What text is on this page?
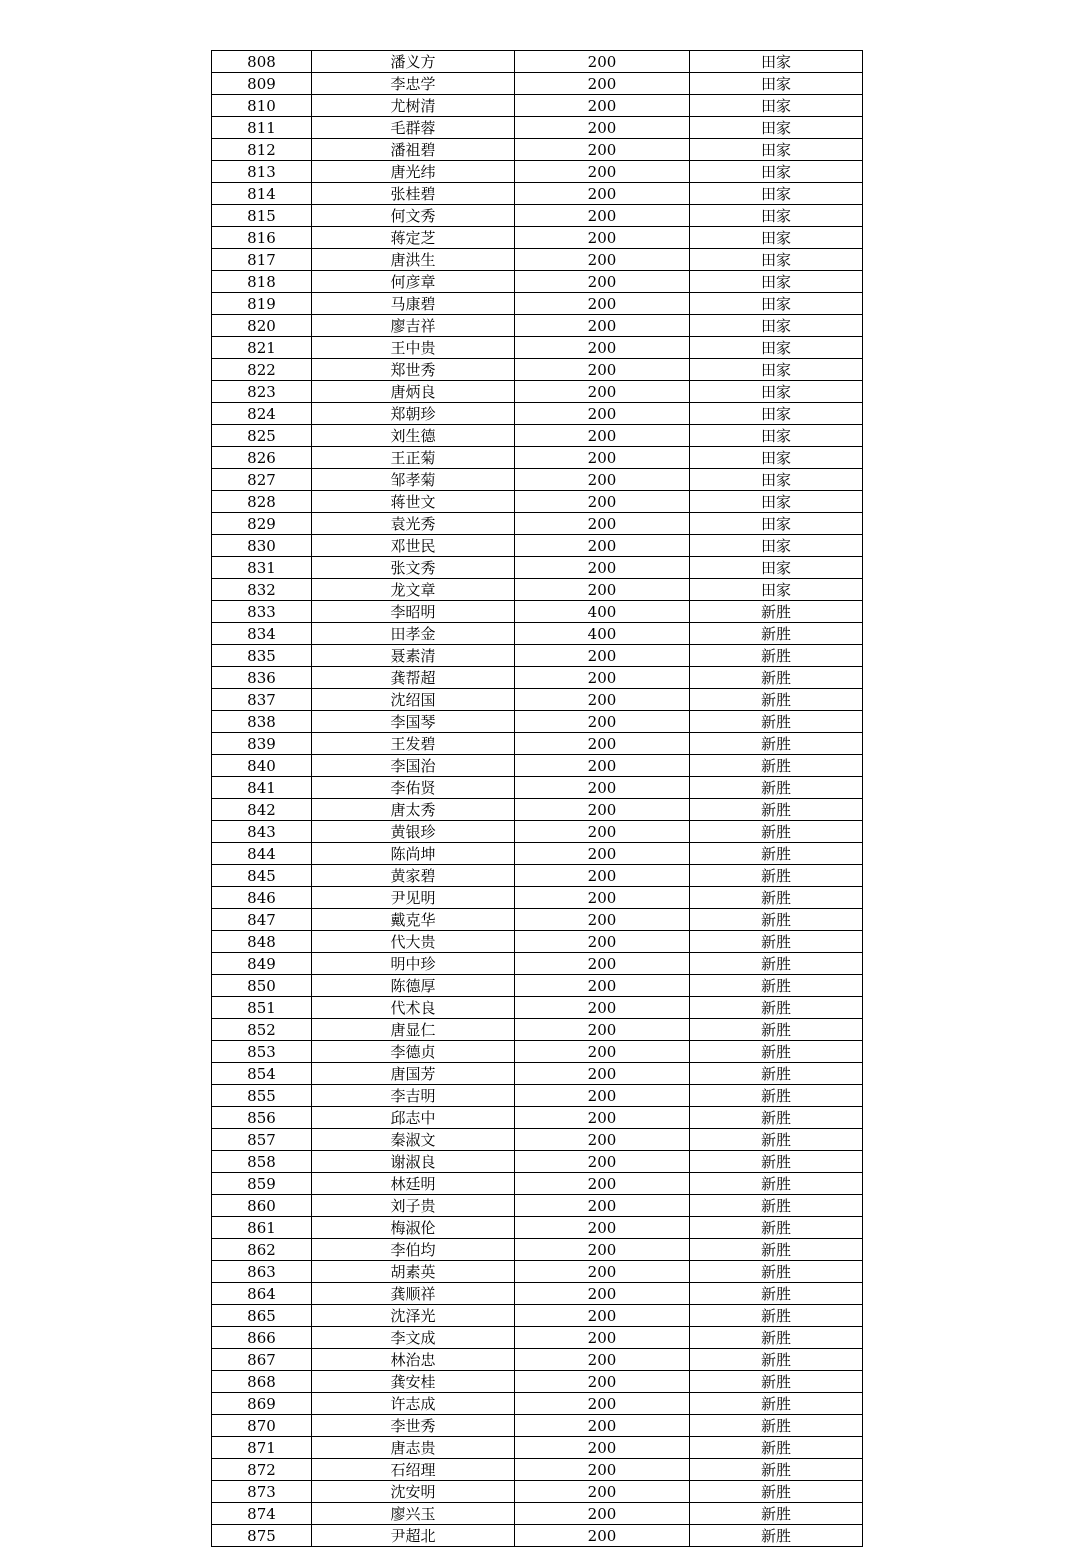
808	潘义方	200	田家
809	李忠学	200	田家
810	尤树清	200	田家
811	毛群蓉	200	田家
812	潘祖碧	200	田家
813	唐光纬	200	田家
814	张桂碧	200	田家
815	何文秀	200	田家
816	蒋定芝	200	田家
817	唐洪生	200	田家
818	何彦章	200	田家
819	马康碧	200	田家
820	廖吉祥	200	田家
821	王中贵	200	田家
822	郑世秀	200	田家
823	唐炳良	200	田家
824	郑朝珍	200	田家
825	刘生德	200	田家
826	王正菊	200	田家
827	邹孝菊	200	田家
828	蒋世文	200	田家
829	袁光秀	200	田家
830	邓世民	200	田家
831	张文秀	200	田家
832	龙文章	200	田家
833	李昭明	400	新胜
834	田孝金	400	新胜
835	聂素清	200	新胜
836	龚帮超	200	新胜
837	沈绍国	200	新胜
838	李国琴	200	新胜
839	王发碧	200	新胜
840	李国治	200	新胜
841	李佑贤	200	新胜
842	唐太秀	200	新胜
843	黄银珍	200	新胜
844	陈尚坤	200	新胜
845	黄家碧	200	新胜
846	尹见明	200	新胜
847	戴克华	200	新胜
848	代大贵	200	新胜
849	明中珍	200	新胜
850	陈德厚	200	新胜
851	代术良	200	新胜
852	唐显仁	200	新胜
853	李德贞	200	新胜
854	唐国芳	200	新胜
855	李吉明	200	新胜
856	邱志中	200	新胜
857	秦淑文	200	新胜
858	谢淑良	200	新胜
859	林廷明	200	新胜
860	刘子贵	200	新胜
861	梅淑伦	200	新胜
862	李伯均	200	新胜
863	胡素英	200	新胜
864	龚顺祥	200	新胜
865	沈泽光	200	新胜
866	李文成	200	新胜
867	林治忠	200	新胜
868	龚安桂	200	新胜
869	许志成	200	新胜
870	李世秀	200	新胜
871	唐志贵	200	新胜
872	石绍理	200	新胜
873	沈安明	200	新胜
874	廖兴玉	200	新胜
875	尹超北	200	新胜
